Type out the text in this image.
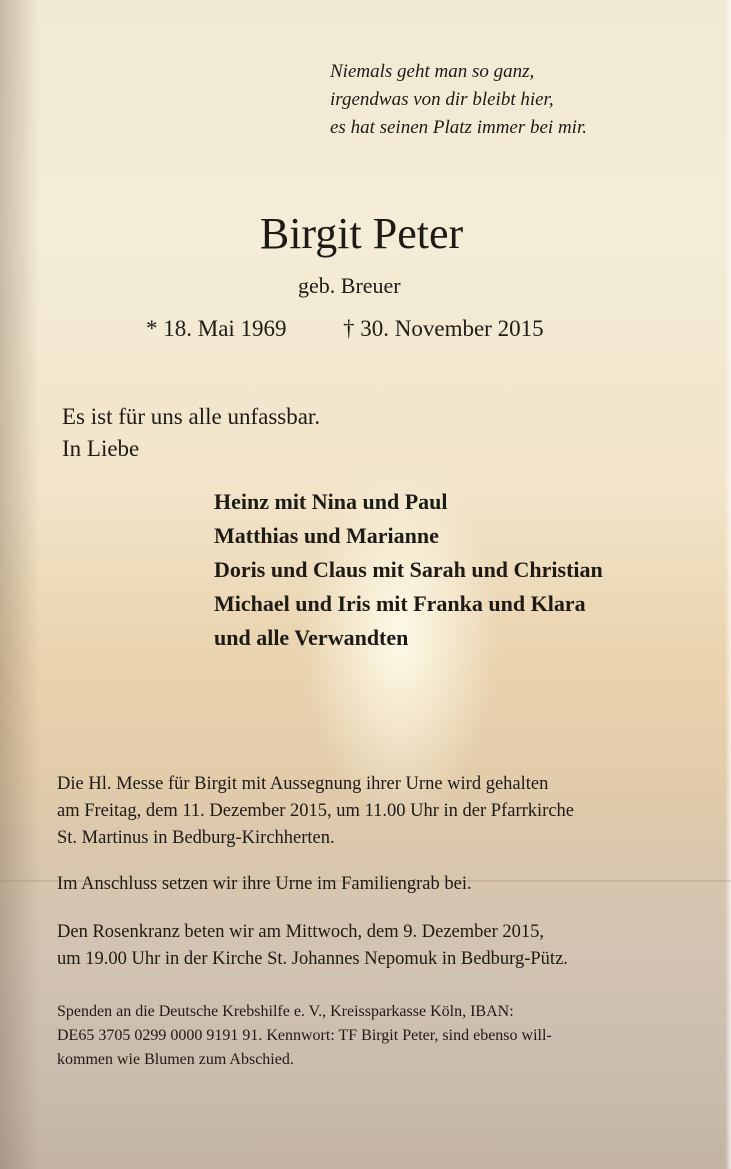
Niemals geht man so ganz,
irgendwas von dir bleibt hier,
es hat seinen Platz immer bei mir.
Birgit Peter
geb. Breuer
* 18. Mai 1969 † 30. November 2015
Es ist für uns alle unfassbar.
In Liebe
Heinz mit Nina und Paul
Matthias und Marianne
Doris und Claus mit Sarah und Christian
Michael und Iris mit Franka und Klara
und alle Verwandten
Die Hl. Messe für Birgit mit Aussegnung ihrer Urne wird gehalten
am Freitag, dem 11. Dezember 2015, um 11.00 Uhr in der Pfarrkirche
St. Martinus in Bedburg-Kirchherten.
Im Anschluss setzen wir ihre Urne im Familiengrab bei.
Den Rosenkranz beten wir am Mittwoch, dem 9. Dezember 2015,
um 19.00 Uhr in der Kirche St. Johannes Nepomuk in Bedburg-Pütz.
Spenden an die Deutsche Krebshilfe e. V., Kreissparkasse Köln, IBAN:
DE65 3705 0299 0000 9191 91. Kennwort: TF Birgit Peter, sind ebenso will-
kommen wie Blumen zum Abschied.
